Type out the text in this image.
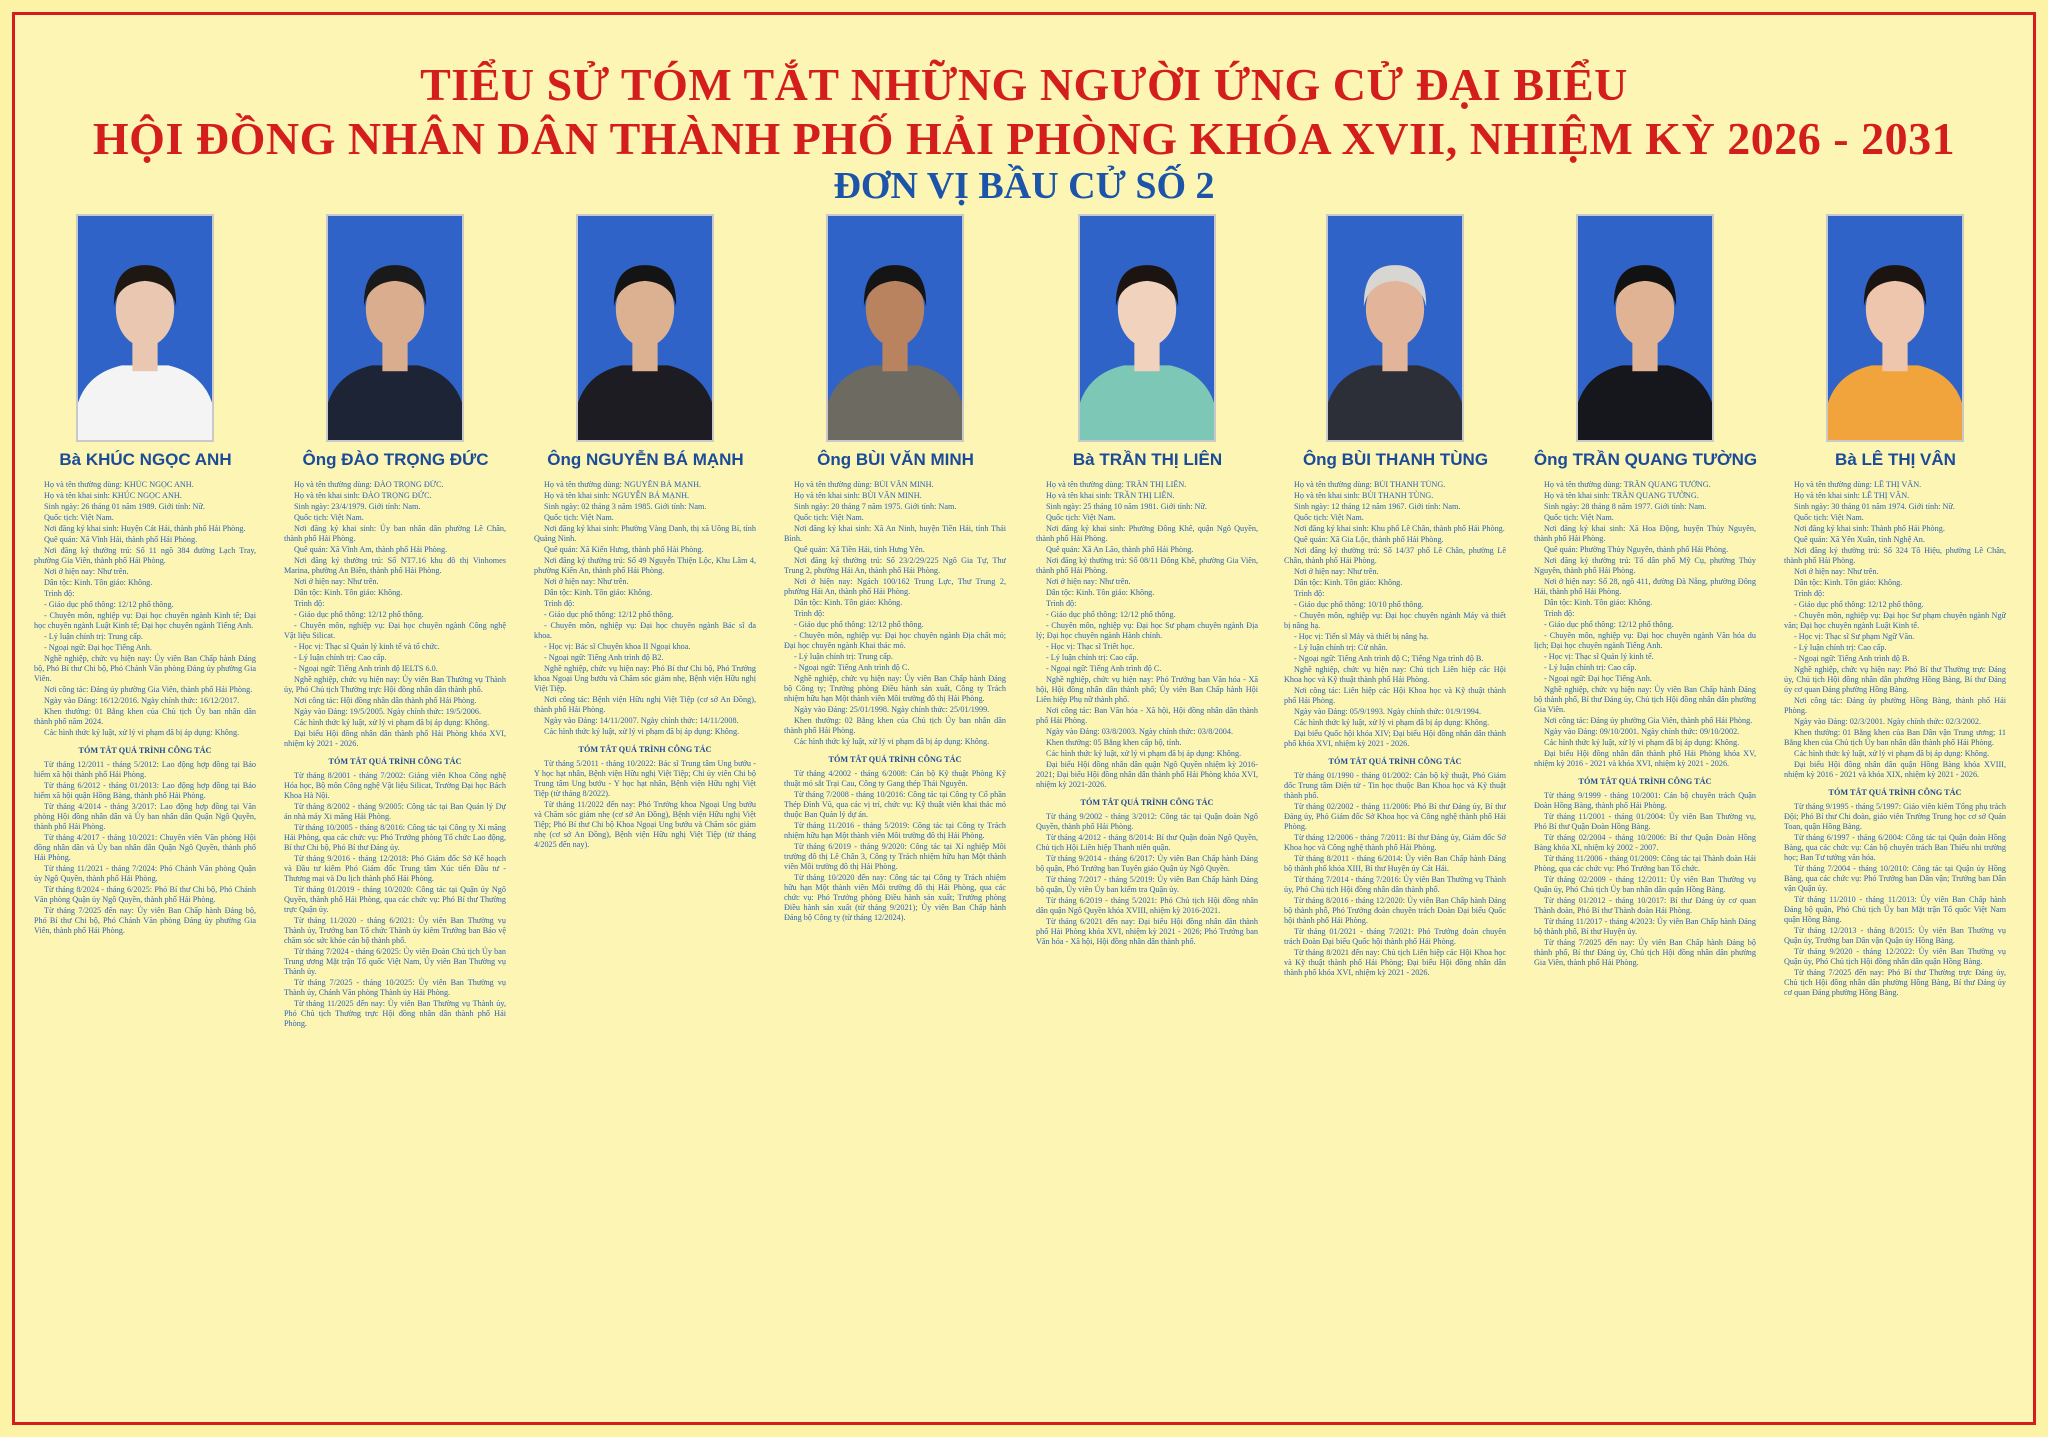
TIỂU SỬ TÓM TẮT NHỮNG NGƯỜI ỨNG CỬ ĐẠI BIỂU
HỘI ĐỒNG NHÂN DÂN THÀNH PHỐ HẢI PHÒNG KHÓA XVII, NHIỆM KỲ 2026 - 2031
ĐƠN VỊ BẦU CỬ SỐ 2
Bà KHÚC NGỌC ANH

Họ và tên thường dùng: KHÚC NGỌC ANH.

Họ và tên khai sinh: KHÚC NGỌC ANH.

Sinh ngày: 26 tháng 01 năm 1989. Giới tính: Nữ.

Quốc tịch: Việt Nam.

Nơi đăng ký khai sinh: Huyện Cát Hải, thành phố Hải Phòng.

Quê quán: Xã Vĩnh Hải, thành phố Hải Phòng.

Nơi đăng ký thường trú: Số 11 ngõ 384 đường Lạch Tray, phường Gia Viên, thành phố Hải Phòng.

Nơi ở hiện nay: Như trên.

Dân tộc: Kinh. Tôn giáo: Không.

Trình độ:

- Giáo dục phổ thông: 12/12 phổ thông.

- Chuyên môn, nghiệp vụ: Đại học chuyên ngành Kinh tế; Đại học chuyên ngành Luật Kinh tế; Đại học chuyên ngành Tiếng Anh.

- Lý luận chính trị: Trung cấp.

- Ngoại ngữ: Đại học Tiếng Anh.

Nghề nghiệp, chức vụ hiện nay: Ủy viên Ban Chấp hành Đảng bộ, Phó Bí thư Chi bộ, Phó Chánh Văn phòng Đảng ủy phường Gia Viên.

Nơi công tác: Đảng ủy phường Gia Viên, thành phố Hải Phòng.

Ngày vào Đảng: 16/12/2016. Ngày chính thức: 16/12/2017.

Khen thưởng: 01 Bằng khen của Chủ tịch Ủy ban nhân dân thành phố năm 2024.

Các hình thức kỷ luật, xử lý vi phạm đã bị áp dụng: Không.

TÓM TẮT QUÁ TRÌNH CÔNG TÁC

Từ tháng 12/2011 - tháng 5/2012: Lao động hợp đồng tại Bảo hiểm xã hội thành phố Hải Phòng.

Từ tháng 6/2012 - tháng 01/2013: Lao động hợp đồng tại Bảo hiểm xã hội quận Hồng Bàng, thành phố Hải Phòng.

Từ tháng 4/2014 - tháng 3/2017: Lao động hợp đồng tại Văn phòng Hội đồng nhân dân và Ủy ban nhân dân Quận Ngô Quyền, thành phố Hải Phòng.

Từ tháng 4/2017 - tháng 10/2021: Chuyên viên Văn phòng Hội đồng nhân dân và Ủy ban nhân dân Quận Ngô Quyền, thành phố Hải Phòng.

Từ tháng 11/2021 - tháng 7/2024: Phó Chánh Văn phòng Quận ủy Ngô Quyền, thành phố Hải Phòng.

Từ tháng 8/2024 - tháng 6/2025: Phó Bí thư Chi bộ, Phó Chánh Văn phòng Quận ủy Ngô Quyền, thành phố Hải Phòng.

Từ tháng 7/2025 đến nay: Ủy viên Ban Chấp hành Đảng bộ, Phó Bí thư Chi bộ, Phó Chánh Văn phòng Đảng ủy phường Gia Viên, thành phố Hải Phòng.

Ông ĐÀO TRỌNG ĐỨC

Họ và tên thường dùng: ĐÀO TRỌNG ĐỨC.

Họ và tên khai sinh: ĐÀO TRỌNG ĐỨC.

Sinh ngày: 23/4/1979. Giới tính: Nam.

Quốc tịch: Việt Nam.

Nơi đăng ký khai sinh: Ủy ban nhân dân phường Lê Chân, thành phố Hải Phòng.

Quê quán: Xã Vĩnh Am, thành phố Hải Phòng.

Nơi đăng ký thường trú: Số NT7.16 khu đô thị Vinhomes Marina, phường An Biên, thành phố Hải Phòng.

Nơi ở hiện nay: Như trên.

Dân tộc: Kinh. Tôn giáo: Không.

Trình độ:

- Giáo dục phổ thông: 12/12 phổ thông.

- Chuyên môn, nghiệp vụ: Đại học chuyên ngành Công nghệ Vật liệu Silicat.

- Học vị: Thạc sĩ Quản lý kinh tế và tổ chức.

- Lý luận chính trị: Cao cấp.

- Ngoại ngữ: Tiếng Anh trình độ IELTS 6.0.

Nghề nghiệp, chức vụ hiện nay: Ủy viên Ban Thường vụ Thành ủy, Phó Chủ tịch Thường trực Hội đồng nhân dân thành phố.

Nơi công tác: Hội đồng nhân dân thành phố Hải Phòng.

Ngày vào Đảng: 19/5/2005. Ngày chính thức: 19/5/2006.

Các hình thức kỷ luật, xử lý vi phạm đã bị áp dụng: Không.

Đại biểu Hội đồng nhân dân thành phố Hải Phòng khóa XVI, nhiệm kỳ 2021 - 2026.

TÓM TẮT QUÁ TRÌNH CÔNG TÁC

Từ tháng 8/2001 - tháng 7/2002: Giảng viên Khoa Công nghệ Hóa học, Bộ môn Công nghệ Vật liệu Silicat, Trường Đại học Bách Khoa Hà Nội.

Từ tháng 8/2002 - tháng 9/2005: Công tác tại Ban Quản lý Dự án nhà máy Xi măng Hải Phòng.

Từ tháng 10/2005 - tháng 8/2016: Công tác tại Công ty Xi măng Hải Phòng, qua các chức vụ: Phó Trưởng phòng Tổ chức Lao động, Bí thư Chi bộ, Phó Bí thư Đảng ủy.

Từ tháng 9/2016 - tháng 12/2018: Phó Giám đốc Sở Kế hoạch và Đầu tư kiêm Phó Giám đốc Trung tâm Xúc tiến Đầu tư - Thương mại và Du lịch thành phố Hải Phòng.

Từ tháng 01/2019 - tháng 10/2020: Công tác tại Quận ủy Ngô Quyền, thành phố Hải Phòng, qua các chức vụ: Phó Bí thư Thường trực Quận ủy.

Từ tháng 11/2020 - tháng 6/2021: Ủy viên Ban Thường vụ Thành ủy, Trưởng ban Tổ chức Thành ủy kiêm Trưởng ban Bảo vệ chăm sóc sức khỏe cán bộ thành phố.

Từ tháng 7/2024 - tháng 6/2025: Ủy viên Đoàn Chủ tịch Ủy ban Trung ương Mặt trận Tổ quốc Việt Nam, Ủy viên Ban Thường vụ Thành ủy.

Từ tháng 7/2025 - tháng 10/2025: Ủy viên Ban Thường vụ Thành ủy, Chánh Văn phòng Thành ủy Hải Phòng.

Từ tháng 11/2025 đến nay: Ủy viên Ban Thường vụ Thành ủy, Phó Chủ tịch Thường trực Hội đồng nhân dân thành phố Hải Phòng.

Ông NGUYỄN BÁ MẠNH

Họ và tên thường dùng: NGUYỄN BÁ MẠNH.

Họ và tên khai sinh: NGUYỄN BÁ MẠNH.

Sinh ngày: 02 tháng 3 năm 1985. Giới tính: Nam.

Quốc tịch: Việt Nam.

Nơi đăng ký khai sinh: Phường Vàng Danh, thị xã Uông Bí, tỉnh Quảng Ninh.

Quê quán: Xã Kiến Hưng, thành phố Hải Phòng.

Nơi đăng ký thường trú: Số 49 Nguyễn Thiện Lộc, Khu Lâm 4, phường Kiến An, thành phố Hải Phòng.

Nơi ở hiện nay: Như trên.

Dân tộc: Kinh. Tôn giáo: Không.

Trình độ:

- Giáo dục phổ thông: 12/12 phổ thông.

- Chuyên môn, nghiệp vụ: Đại học chuyên ngành Bác sĩ đa khoa.

- Học vị: Bác sĩ Chuyên khoa II Ngoại khoa.

- Ngoại ngữ: Tiếng Anh trình độ B2.

Nghề nghiệp, chức vụ hiện nay: Phó Bí thư Chi bộ, Phó Trưởng khoa Ngoại Ung bướu và Chăm sóc giảm nhẹ, Bệnh viện Hữu nghị Việt Tiệp.

Nơi công tác: Bệnh viện Hữu nghị Việt Tiệp (cơ sở An Đồng), thành phố Hải Phòng.

Ngày vào Đảng: 14/11/2007. Ngày chính thức: 14/11/2008.

Các hình thức kỷ luật, xử lý vi phạm đã bị áp dụng: Không.

TÓM TẮT QUÁ TRÌNH CÔNG TÁC

Từ tháng 5/2011 - tháng 10/2022: Bác sĩ Trung tâm Ung bướu - Y học hạt nhân, Bệnh viện Hữu nghị Việt Tiệp; Chi ủy viên Chi bộ Trung tâm Ung bướu - Y học hạt nhân, Bệnh viện Hữu nghị Việt Tiệp (từ tháng 8/2022).

Từ tháng 11/2022 đến nay: Phó Trưởng khoa Ngoại Ung bướu và Chăm sóc giảm nhẹ (cơ sở An Đồng), Bệnh viện Hữu nghị Việt Tiệp; Phó Bí thư Chi bộ Khoa Ngoại Ung bướu và Chăm sóc giảm nhẹ (cơ sở An Đồng), Bệnh viện Hữu nghị Việt Tiệp (từ tháng 4/2025 đến nay).

Ông BÙI VĂN MINH

Họ và tên thường dùng: BÙI VĂN MINH.

Họ và tên khai sinh: BÙI VĂN MINH.

Sinh ngày: 20 tháng 7 năm 1975. Giới tính: Nam.

Quốc tịch: Việt Nam.

Nơi đăng ký khai sinh: Xã An Ninh, huyện Tiền Hải, tỉnh Thái Bình.

Quê quán: Xã Tiền Hải, tỉnh Hưng Yên.

Nơi đăng ký thường trú: Số 23/2/29/225 Ngô Gia Tự, Thư Trung 2, phường Hải An, thành phố Hải Phòng.

Nơi ở hiện nay: Ngách 100/162 Trung Lực, Thư Trung 2, phường Hải An, thành phố Hải Phòng.

Dân tộc: Kinh. Tôn giáo: Không.

Trình độ:

- Giáo dục phổ thông: 12/12 phổ thông.

- Chuyên môn, nghiệp vụ: Đại học chuyên ngành Địa chất mỏ; Đại học chuyên ngành Khai thác mỏ.

- Lý luận chính trị: Trung cấp.

- Ngoại ngữ: Tiếng Anh trình độ C.

Nghề nghiệp, chức vụ hiện nay: Ủy viên Ban Chấp hành Đảng bộ Công ty; Trưởng phòng Điều hành sản xuất, Công ty Trách nhiệm hữu hạn Một thành viên Môi trường đô thị Hải Phòng.

Ngày vào Đảng: 25/01/1998. Ngày chính thức: 25/01/1999.

Khen thưởng: 02 Bằng khen của Chủ tịch Ủy ban nhân dân thành phố Hải Phòng.

Các hình thức kỷ luật, xử lý vi phạm đã bị áp dụng: Không.

TÓM TẮT QUÁ TRÌNH CÔNG TÁC

Từ tháng 4/2002 - tháng 6/2008: Cán bộ Kỹ thuật Phòng Kỹ thuật mỏ sắt Trại Cau, Công ty Gang thép Thái Nguyên.

Từ tháng 7/2008 - tháng 10/2016: Công tác tại Công ty Cổ phần Thép Đình Vũ, qua các vị trí, chức vụ: Kỹ thuật viên khai thác mỏ thuộc Ban Quản lý dự án.

Từ tháng 11/2016 - tháng 5/2019: Công tác tại Công ty Trách nhiệm hữu hạn Một thành viên Môi trường đô thị Hải Phòng.

Từ tháng 6/2019 - tháng 9/2020: Công tác tại Xí nghiệp Môi trường đô thị Lê Chân 3, Công ty Trách nhiệm hữu hạn Một thành viên Môi trường đô thị Hải Phòng.

Từ tháng 10/2020 đến nay: Công tác tại Công ty Trách nhiệm hữu hạn Một thành viên Môi trường đô thị Hải Phòng, qua các chức vụ: Phó Trưởng phòng Điều hành sản xuất; Trưởng phòng Điều hành sản xuất (từ tháng 9/2021); Ủy viên Ban Chấp hành Đảng bộ Công ty (từ tháng 12/2024).

Bà TRẦN THỊ LIÊN

Họ và tên thường dùng: TRẦN THỊ LIÊN.

Họ và tên khai sinh: TRẦN THỊ LIÊN.

Sinh ngày: 25 tháng 10 năm 1981. Giới tính: Nữ.

Quốc tịch: Việt Nam.

Nơi đăng ký khai sinh: Phường Đông Khê, quận Ngô Quyền, thành phố Hải Phòng.

Quê quán: Xã An Lão, thành phố Hải Phòng.

Nơi đăng ký thường trú: Số 08/11 Đông Khê, phường Gia Viên, thành phố Hải Phòng.

Nơi ở hiện nay: Như trên.

Dân tộc: Kinh. Tôn giáo: Không.

Trình độ:

- Giáo dục phổ thông: 12/12 phổ thông.

- Chuyên môn, nghiệp vụ: Đại học Sư phạm chuyên ngành Địa lý; Đại học chuyên ngành Hành chính.

- Học vị: Thạc sĩ Triết học.

- Lý luận chính trị: Cao cấp.

- Ngoại ngữ: Tiếng Anh trình độ C.

Nghề nghiệp, chức vụ hiện nay: Phó Trưởng ban Văn hóa - Xã hội, Hội đồng nhân dân thành phố; Ủy viên Ban Chấp hành Hội Liên hiệp Phụ nữ thành phố.

Nơi công tác: Ban Văn hóa - Xã hội, Hội đồng nhân dân thành phố Hải Phòng.

Ngày vào Đảng: 03/8/2003. Ngày chính thức: 03/8/2004.

Khen thưởng: 05 Bằng khen cấp bộ, tỉnh.

Các hình thức kỷ luật, xử lý vi phạm đã bị áp dụng: Không.

Đại biểu Hội đồng nhân dân quận Ngô Quyền nhiệm kỳ 2016-2021; Đại biểu Hội đồng nhân dân thành phố Hải Phòng khóa XVI, nhiệm kỳ 2021-2026.

TÓM TẮT QUÁ TRÌNH CÔNG TÁC

Từ tháng 9/2002 - tháng 3/2012: Công tác tại Quận đoàn Ngô Quyền, thành phố Hải Phòng.

Từ tháng 4/2012 - tháng 8/2014: Bí thư Quận đoàn Ngô Quyền, Chủ tịch Hội Liên hiệp Thanh niên quận.

Từ tháng 9/2014 - tháng 6/2017: Ủy viên Ban Chấp hành Đảng bộ quận, Phó Trưởng ban Tuyên giáo Quận ủy Ngô Quyền.

Từ tháng 7/2017 - tháng 5/2019: Ủy viên Ban Chấp hành Đảng bộ quận, Ủy viên Ủy ban kiểm tra Quận ủy.

Từ tháng 6/2019 - tháng 5/2021: Phó Chủ tịch Hội đồng nhân dân quận Ngô Quyền khóa XVIII, nhiệm kỳ 2016-2021.

Từ tháng 6/2021 đến nay: Đại biểu Hội đồng nhân dân thành phố Hải Phòng khóa XVI, nhiệm kỳ 2021 - 2026; Phó Trưởng ban Văn hóa - Xã hội, Hội đồng nhân dân thành phố.

Ông BÙI THANH TÙNG

Họ và tên thường dùng: BÙI THANH TÙNG.

Họ và tên khai sinh: BÙI THANH TÙNG.

Sinh ngày: 12 tháng 12 năm 1967. Giới tính: Nam.

Quốc tịch: Việt Nam.

Nơi đăng ký khai sinh: Khu phố Lê Chân, thành phố Hải Phòng.

Quê quán: Xã Gia Lộc, thành phố Hải Phòng.

Nơi đăng ký thường trú: Số 14/37 phố Lê Chân, phường Lê Chân, thành phố Hải Phòng.

Nơi ở hiện nay: Như trên.

Dân tộc: Kinh. Tôn giáo: Không.

Trình độ:

- Giáo dục phổ thông: 10/10 phổ thông.

- Chuyên môn, nghiệp vụ: Đại học chuyên ngành Máy và thiết bị nâng hạ.

- Học vị: Tiến sĩ Máy và thiết bị nâng hạ.

- Lý luận chính trị: Cử nhân.

- Ngoại ngữ: Tiếng Anh trình độ C; Tiếng Nga trình độ B.

Nghề nghiệp, chức vụ hiện nay: Chủ tịch Liên hiệp các Hội Khoa học và Kỹ thuật thành phố Hải Phòng.

Nơi công tác: Liên hiệp các Hội Khoa học và Kỹ thuật thành phố Hải Phòng.

Ngày vào Đảng: 05/9/1993. Ngày chính thức: 01/9/1994.

Các hình thức kỷ luật, xử lý vi phạm đã bị áp dụng: Không.

Đại biểu Quốc hội khóa XIV; Đại biểu Hội đồng nhân dân thành phố khóa XVI, nhiệm kỳ 2021 - 2026.

TÓM TẮT QUÁ TRÌNH CÔNG TÁC

Từ tháng 01/1990 - tháng 01/2002: Cán bộ kỹ thuật, Phó Giám đốc Trung tâm Điện tử - Tin học thuộc Ban Khoa học và Kỹ thuật thành phố.

Từ tháng 02/2002 - tháng 11/2006: Phó Bí thư Đảng ủy, Bí thư Đảng ủy, Phó Giám đốc Sở Khoa học và Công nghệ thành phố Hải Phòng.

Từ tháng 12/2006 - tháng 7/2011: Bí thư Đảng ủy, Giám đốc Sở Khoa học và Công nghệ thành phố Hải Phòng.

Từ tháng 8/2011 - tháng 6/2014: Ủy viên Ban Chấp hành Đảng bộ thành phố khóa XIII, Bí thư Huyện ủy Cát Hải.

Từ tháng 7/2014 - tháng 7/2016: Ủy viên Ban Thường vụ Thành ủy, Phó Chủ tịch Hội đồng nhân dân thành phố.

Từ tháng 8/2016 - tháng 12/2020: Ủy viên Ban Chấp hành Đảng bộ thành phố, Phó Trưởng đoàn chuyên trách Đoàn Đại biểu Quốc hội thành phố Hải Phòng.

Từ tháng 01/2021 - tháng 7/2021: Phó Trưởng đoàn chuyên trách Đoàn Đại biểu Quốc hội thành phố Hải Phòng.

Từ tháng 8/2021 đến nay: Chủ tịch Liên hiệp các Hội Khoa học và Kỹ thuật thành phố Hải Phòng; Đại biểu Hội đồng nhân dân thành phố khóa XVI, nhiệm kỳ 2021 - 2026.

Ông TRẦN QUANG TƯỜNG

Họ và tên thường dùng: TRẦN QUANG TƯỜNG.

Họ và tên khai sinh: TRẦN QUANG TƯỜNG.

Sinh ngày: 28 tháng 8 năm 1977. Giới tính: Nam.

Quốc tịch: Việt Nam.

Nơi đăng ký khai sinh: Xã Hoa Động, huyện Thủy Nguyên, thành phố Hải Phòng.

Quê quán: Phường Thủy Nguyên, thành phố Hải Phòng.

Nơi đăng ký thường trú: Tổ dân phố Mỹ Cụ, phường Thủy Nguyên, thành phố Hải Phòng.

Nơi ở hiện nay: Số 28, ngõ 411, đường Đà Nẵng, phường Đông Hải, thành phố Hải Phòng.

Dân tộc: Kinh. Tôn giáo: Không.

Trình độ:

- Giáo dục phổ thông: 12/12 phổ thông.

- Chuyên môn, nghiệp vụ: Đại học chuyên ngành Văn hóa du lịch; Đại học chuyên ngành Tiếng Anh.

- Học vị: Thạc sĩ Quản lý kinh tế.

- Lý luận chính trị: Cao cấp.

- Ngoại ngữ: Đại học Tiếng Anh.

Nghề nghiệp, chức vụ hiện nay: Ủy viên Ban Chấp hành Đảng bộ thành phố, Bí thư Đảng ủy, Chủ tịch Hội đồng nhân dân phường Gia Viên.

Nơi công tác: Đảng ủy phường Gia Viên, thành phố Hải Phòng.

Ngày vào Đảng: 09/10/2001. Ngày chính thức: 09/10/2002.

Các hình thức kỷ luật, xử lý vi phạm đã bị áp dụng: Không.

Đại biểu Hội đồng nhân dân thành phố Hải Phòng khóa XV, nhiệm kỳ 2016 - 2021 và khóa XVI, nhiệm kỳ 2021 - 2026.

TÓM TẮT QUÁ TRÌNH CÔNG TÁC

Từ tháng 9/1999 - tháng 10/2001: Cán bộ chuyên trách Quận Đoàn Hồng Bàng, thành phố Hải Phòng.

Từ tháng 11/2001 - tháng 01/2004: Ủy viên Ban Thường vụ, Phó Bí thư Quận Đoàn Hồng Bàng.

Từ tháng 02/2004 - tháng 10/2006: Bí thư Quận Đoàn Hồng Bàng khóa XI, nhiệm kỳ 2002 - 2007.

Từ tháng 11/2006 - tháng 01/2009: Công tác tại Thành đoàn Hải Phòng, qua các chức vụ: Phó Trưởng ban Tổ chức.

Từ tháng 02/2009 - tháng 12/2011: Ủy viên Ban Thường vụ Quận ủy, Phó Chủ tịch Ủy ban nhân dân quận Hồng Bàng.

Từ tháng 01/2012 - tháng 10/2017: Bí thư Đảng ủy cơ quan Thành đoàn, Phó Bí thư Thành đoàn Hải Phòng.

Từ tháng 11/2017 - tháng 4/2023: Ủy viên Ban Chấp hành Đảng bộ thành phố, Bí thư Huyện ủy.

Từ tháng 7/2025 đến nay: Ủy viên Ban Chấp hành Đảng bộ thành phố, Bí thư Đảng ủy, Chủ tịch Hội đồng nhân dân phường Gia Viên, thành phố Hải Phòng.

Bà LÊ THỊ VÂN

Họ và tên thường dùng: LÊ THỊ VÂN.

Họ và tên khai sinh: LÊ THỊ VÂN.

Sinh ngày: 30 tháng 01 năm 1974. Giới tính: Nữ.

Quốc tịch: Việt Nam.

Nơi đăng ký khai sinh: Thành phố Hải Phòng.

Quê quán: Xã Yên Xuân, tỉnh Nghệ An.

Nơi đăng ký thường trú: Số 324 Tô Hiệu, phường Lê Chân, thành phố Hải Phòng.

Nơi ở hiện nay: Như trên.

Dân tộc: Kinh. Tôn giáo: Không.

Trình độ:

- Giáo dục phổ thông: 12/12 phổ thông.

- Chuyên môn, nghiệp vụ: Đại học Sư phạm chuyên ngành Ngữ văn; Đại học chuyên ngành Luật Kinh tế.

- Học vị: Thạc sĩ Sư phạm Ngữ Văn.

- Lý luận chính trị: Cao cấp.

- Ngoại ngữ: Tiếng Anh trình độ B.

Nghề nghiệp, chức vụ hiện nay: Phó Bí thư Thường trực Đảng ủy, Chủ tịch Hội đồng nhân dân phường Hồng Bàng, Bí thư Đảng ủy cơ quan Đảng phường Hồng Bàng.

Nơi công tác: Đảng ủy phường Hồng Bàng, thành phố Hải Phòng.

Ngày vào Đảng: 02/3/2001. Ngày chính thức: 02/3/2002.

Khen thưởng: 01 Bằng khen của Ban Dân vận Trung ương; 11 Bằng khen của Chủ tịch Ủy ban nhân dân thành phố Hải Phòng.

Các hình thức kỷ luật, xử lý vi phạm đã bị áp dụng: Không.

Đại biểu Hội đồng nhân dân quận Hồng Bàng khóa XVIII, nhiệm kỳ 2016 - 2021 và khóa XIX, nhiệm kỳ 2021 - 2026.

TÓM TẮT QUÁ TRÌNH CÔNG TÁC

Từ tháng 9/1995 - tháng 5/1997: Giáo viên kiêm Tổng phụ trách Đội; Phó Bí thư Chi đoàn, giáo viên Trường Trung học cơ sở Quán Toan, quận Hồng Bàng.

Từ tháng 6/1997 - tháng 6/2004: Công tác tại Quận đoàn Hồng Bàng, qua các chức vụ: Cán bộ chuyên trách Ban Thiếu nhi trường học; Ban Tư tưởng văn hóa.

Từ tháng 7/2004 - tháng 10/2010: Công tác tại Quận ủy Hồng Bàng, qua các chức vụ: Phó Trưởng ban Dân vận; Trưởng ban Dân vận Quận ủy.

Từ tháng 11/2010 - tháng 11/2013: Ủy viên Ban Chấp hành Đảng bộ quận, Phó Chủ tịch Ủy ban Mặt trận Tổ quốc Việt Nam quận Hồng Bàng.

Từ tháng 12/2013 - tháng 8/2015: Ủy viên Ban Thường vụ Quận ủy, Trưởng ban Dân vận Quận ủy Hồng Bàng.

Từ tháng 9/2020 - tháng 12/2022: Ủy viên Ban Thường vụ Quận ủy, Phó Chủ tịch Hội đồng nhân dân quận Hồng Bàng.

Từ tháng 7/2025 đến nay: Phó Bí thư Thường trực Đảng ủy, Chủ tịch Hội đồng nhân dân phường Hồng Bàng, Bí thư Đảng ủy cơ quan Đảng phường Hồng Bàng.
